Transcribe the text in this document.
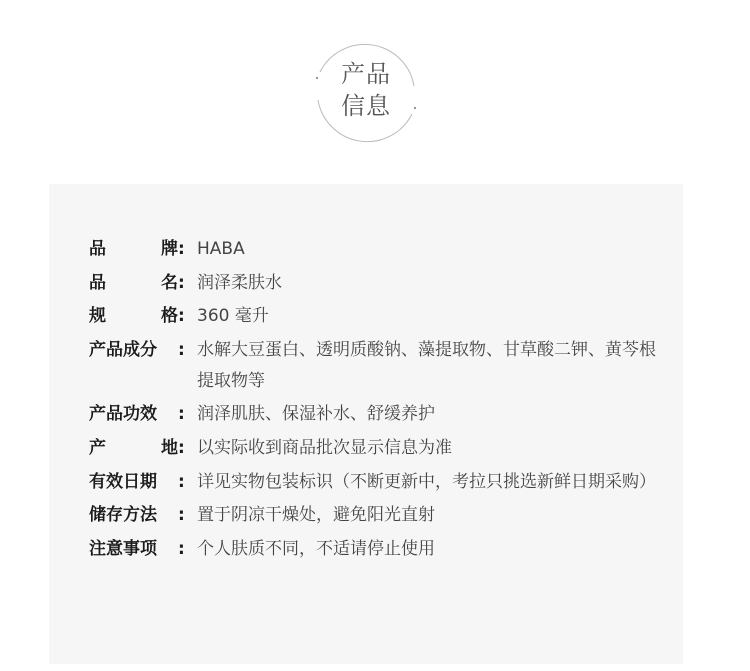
产品
信息
品牌 : HABA
品名 : 润泽柔肤水
规格 : 360 毫升
产品成分	: 水解大豆蛋白、透明质酸钠、藻提取物、甘草酸二钾、黄芩根提取物等
产品功效	: 润泽肌肤、保湿补水、舒缓养护
产地 : 以实际收到商品批次显示信息为准
有效日期	: 详见实物包装标识（不断更新中，考拉只挑选新鲜日期采购）
储存方法	: 置于阴凉干燥处，避免阳光直射
注意事项	: 个人肤质不同，不适请停止使用
